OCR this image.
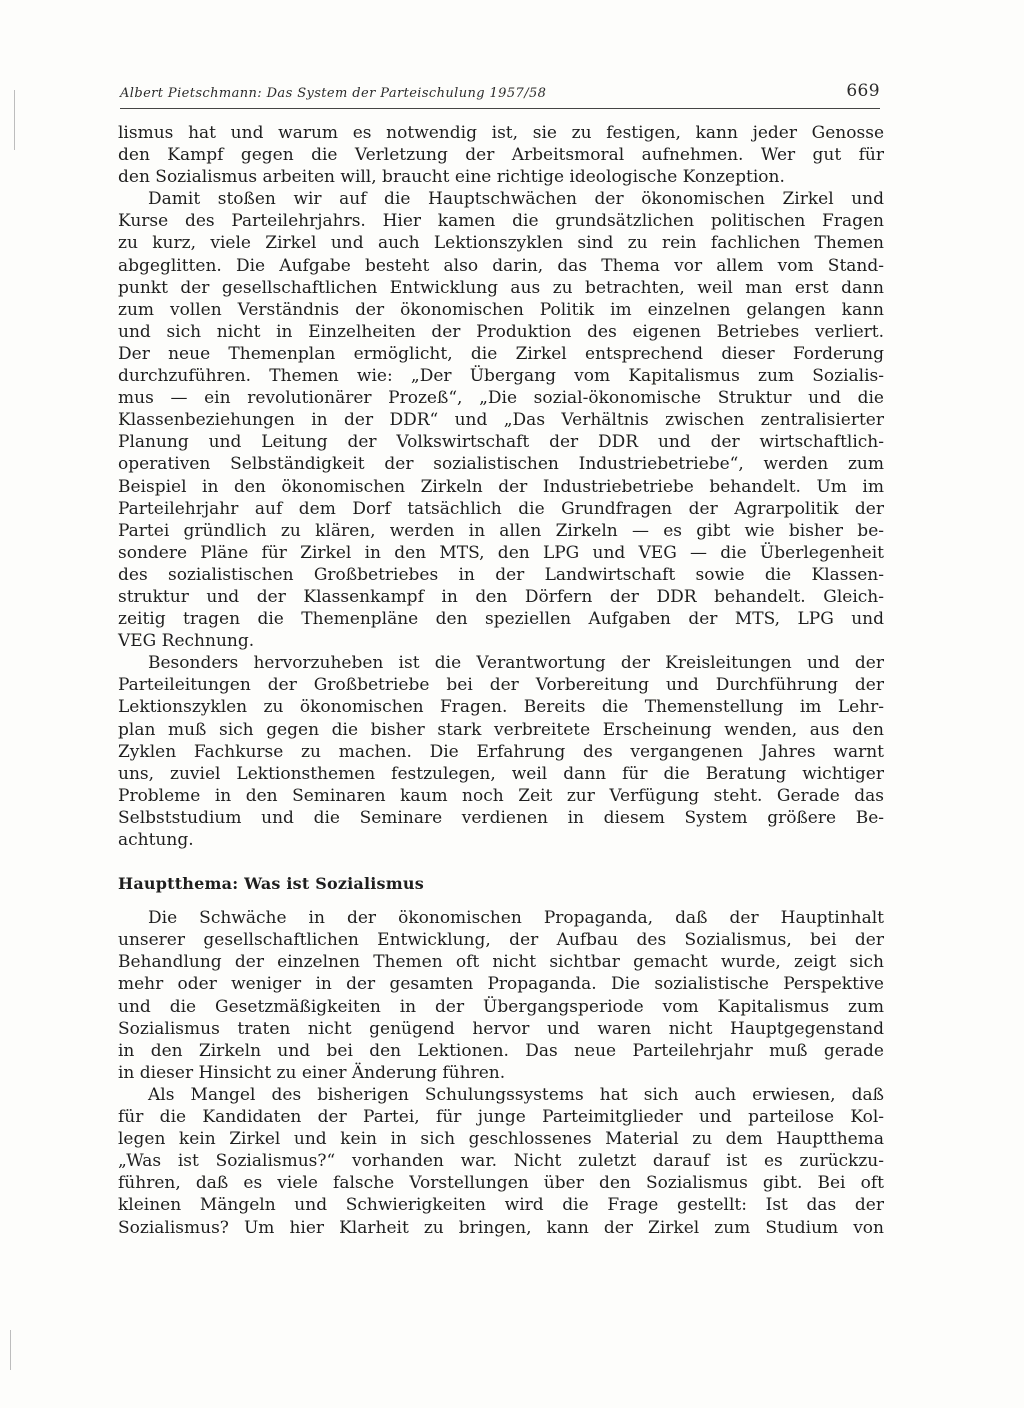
Albert Pietschmann: Das System der Parteischulung 1957/58	669

lismus hat und warum es notwendig ist, sie zu festigen, kann jeder Genosse
den Kampf gegen die Verletzung der Arbeitsmoral aufnehmen. Wer gut für
den Sozialismus arbeiten will, braucht eine richtige ideologische Konzeption.

Damit stoßen wir auf die Hauptschwächen der ökonomischen Zirkel und
Kurse des Parteilehrjahrs. Hier kamen die grundsätzlichen politischen Fragen
zu kurz, viele Zirkel und auch Lektionszyklen sind zu rein fachlichen Themen
abgeglitten. Die Aufgabe besteht also darin, das Thema vor allem vom Stand-
punkt der gesellschaftlichen Entwicklung aus zu betrachten, weil man erst dann
zum vollen Verständnis der ökonomischen Politik im einzelnen gelangen kann
und sich nicht in Einzelheiten der Produktion des eigenen Betriebes verliert.
Der neue Themenplan ermöglicht, die Zirkel entsprechend dieser Forderung
durchzuführen. Themen wie: „Der Übergang vom Kapitalismus zum Sozialis-
mus — ein revolutionärer Prozeß“, „Die sozial-ökonomische Struktur und die
Klassenbeziehungen in der DDR“ und „Das Verhältnis zwischen zentralisierter
Planung und Leitung der Volkswirtschaft der DDR und der wirtschaftlich-
operativen Selbständigkeit der sozialistischen Industriebetriebe“, werden zum
Beispiel in den ökonomischen Zirkeln der Industriebetriebe behandelt. Um im
Parteilehrjahr auf dem Dorf tatsächlich die Grundfragen der Agrarpolitik der
Partei gründlich zu klären, werden in allen Zirkeln — es gibt wie bisher be-
sondere Pläne für Zirkel in den MTS, den LPG und VEG — die Überlegenheit
des sozialistischen Großbetriebes in der Landwirtschaft sowie die Klassen-
struktur und der Klassenkampf in den Dörfern der DDR behandelt. Gleich-
zeitig tragen die Themenpläne den speziellen Aufgaben der MTS, LPG und
VEG Rechnung.

Besonders hervorzuheben ist die Verantwortung der Kreisleitungen und der
Parteileitungen der Großbetriebe bei der Vorbereitung und Durchführung der
Lektionszyklen zu ökonomischen Fragen. Bereits die Themenstellung im Lehr-
plan muß sich gegen die bisher stark verbreitete Erscheinung wenden, aus den
Zyklen Fachkurse zu machen. Die Erfahrung des vergangenen Jahres warnt
uns, zuviel Lektionsthemen festzulegen, weil dann für die Beratung wichtiger
Probleme in den Seminaren kaum noch Zeit zur Verfügung steht. Gerade das
Selbststudium und die Seminare verdienen in diesem System größere Be-
achtung.

Hauptthema: Was ist Sozialismus

Die Schwäche in der ökonomischen Propaganda, daß der Hauptinhalt
unserer gesellschaftlichen Entwicklung, der Aufbau des Sozialismus, bei der
Behandlung der einzelnen Themen oft nicht sichtbar gemacht wurde, zeigt sich
mehr oder weniger in der gesamten Propaganda. Die sozialistische Perspektive
und die Gesetzmäßigkeiten in der Übergangsperiode vom Kapitalismus zum
Sozialismus traten nicht genügend hervor und waren nicht Hauptgegenstand
in den Zirkeln und bei den Lektionen. Das neue Parteilehrjahr muß gerade
in dieser Hinsicht zu einer Änderung führen.

Als Mangel des bisherigen Schulungssystems hat sich auch erwiesen, daß
für die Kandidaten der Partei, für junge Parteimitglieder und parteilose Kol-
legen kein Zirkel und kein in sich geschlossenes Material zu dem Hauptthema
„Was ist Sozialismus?“ vorhanden war. Nicht zuletzt darauf ist es zurückzu-
führen, daß es viele falsche Vorstellungen über den Sozialismus gibt. Bei oft
kleinen Mängeln und Schwierigkeiten wird die Frage gestellt: Ist das der
Sozialismus? Um hier Klarheit zu bringen, kann der Zirkel zum Studium von
